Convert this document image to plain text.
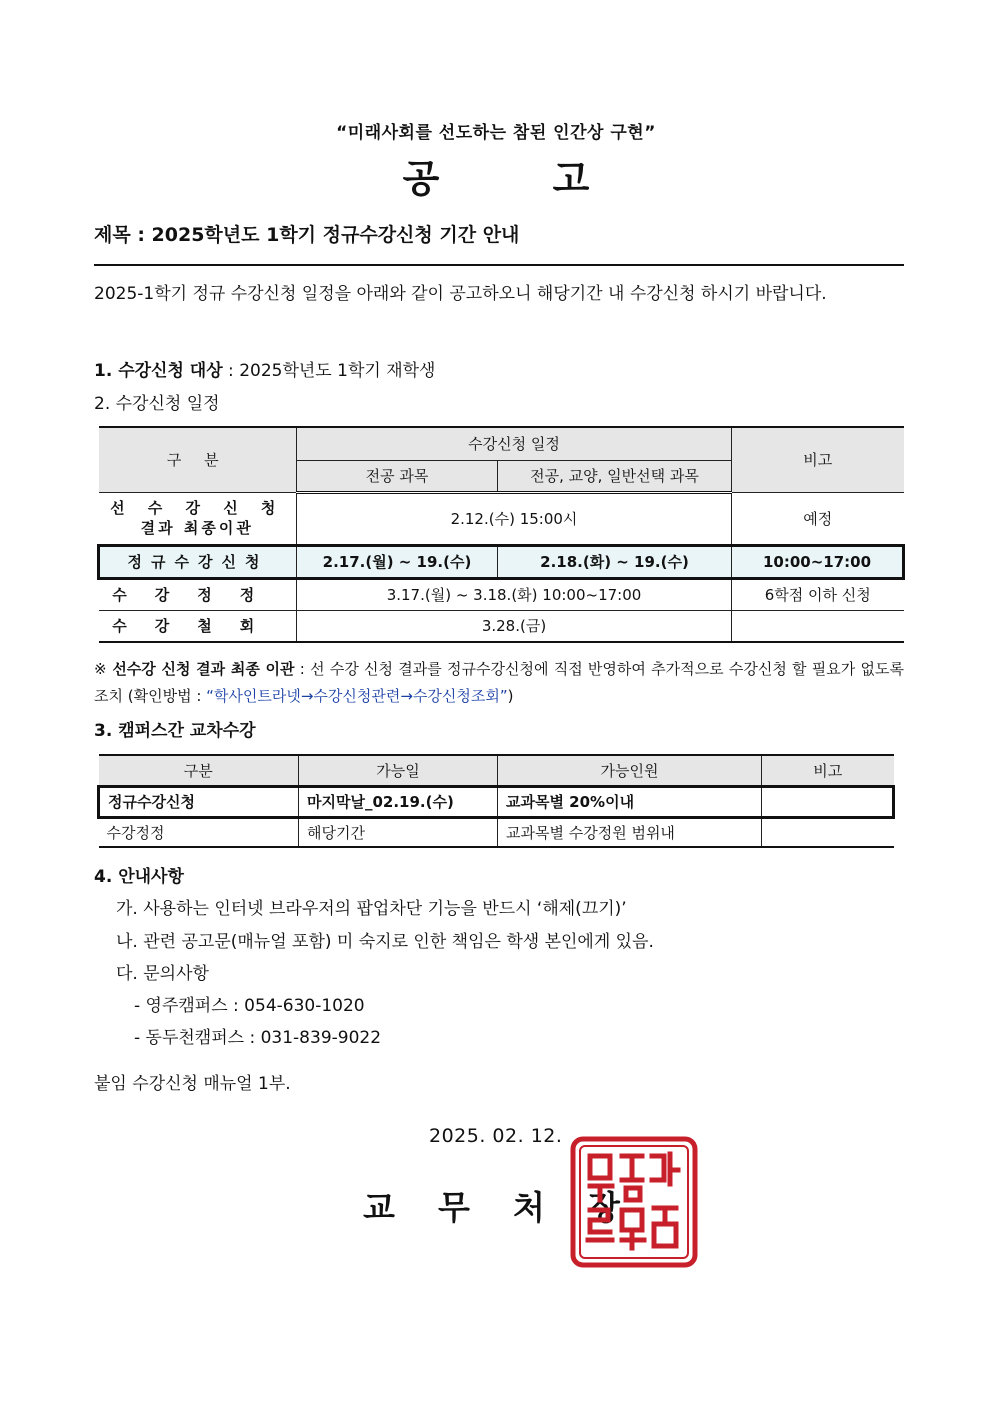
“미래사회를 선도하는 참된 인간상 구현”
공	고
제목 : 2025학년도 1학기 정규수강신청 기간 안내
2025-1학기 정규 수강신청 일정을 아래와 같이 공고하오니 해당기간 내 수강신청 하시기 바랍니다.
1. 수강신청 대상 : 2025학년도 1학기 재학생
2. 수강신청 일정
구 분	수강신청 일정		비고
	전공 과목	전공, 교양, 일반선택 과목	

선 수 강 신 청
결과 최종이관	2.12.(수) 15:00시		예정
정규수강신청	2.17.(월) ~ 19.(수)	2.18.(화) ~ 19.(수)	10:00~17:00
수강정정	3.17.(월) ~ 3.18.(화) 10:00~17:00		6학점 이하 신청
수강철회	3.28.(금)		
※ 선수강 신청 결과 최종 이관 : 선 수강 신청 결과를 정규수강신청에 직접 반영하여 추가적으로 수강신청 할 필요가 없도록 조치 (확인방법 : “학사인트라넷→수강신청관련→수강신청조회”)
3. 캠퍼스간 교차수강
구분	가능일	가능인원	비고
정규수강신청	마지막날_02.19.(수)	교과목별 20%이내	
수강정정	해당기간	교과목별 수강정원 범위내	
4. 안내사항
가. 사용하는 인터넷 브라우저의 팝업차단 기능을 반드시 ‘해제(끄기)’
나. 관련 공고문(매뉴얼 포함) 미 숙지로 인한 책임은 학생 본인에게 있음.
다. 문의사항
- 영주캠퍼스 : 054-630-1020
- 동두천캠퍼스 : 031-839-9022
붙임 수강신청 매뉴얼 1부.
2025. 02. 12.
교 무 처 장
